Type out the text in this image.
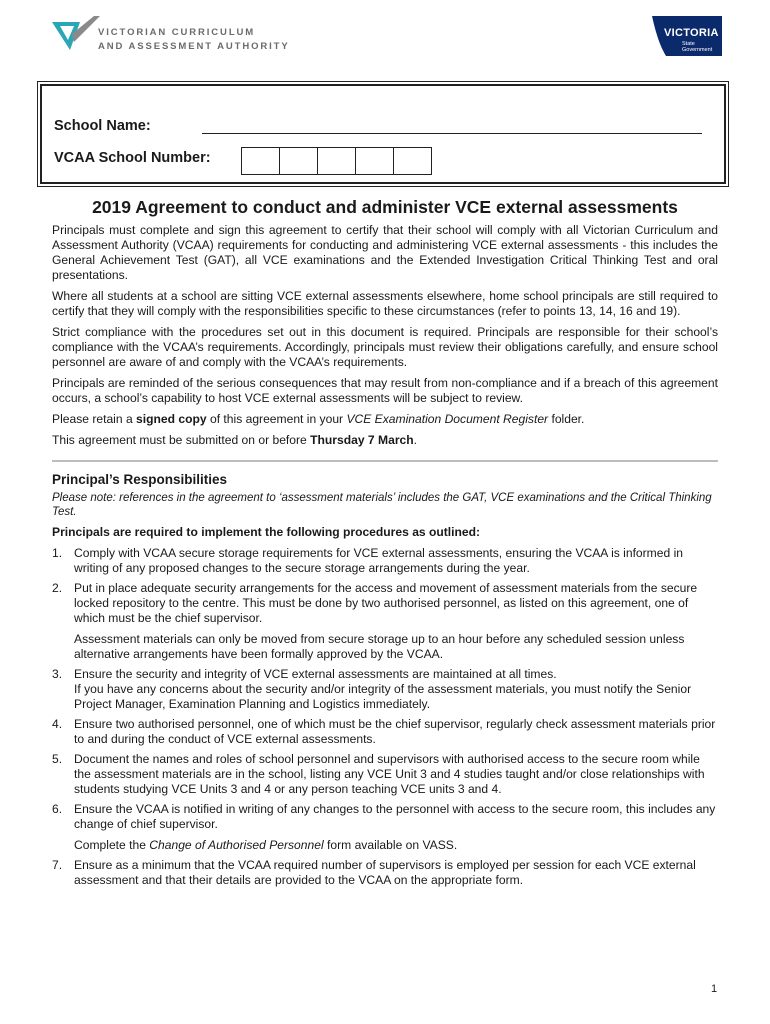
VICTORIAN CURRICULUM
AND ASSESSMENT AUTHORITY
VICTORIA
State
Government
School Name:
VCAA School Number:
2019 Agreement to conduct and administer VCE external assessments

Principals must complete and sign this agreement to certify that their school will comply with all Victorian Curriculum and Assessment Authority (VCAA) requirements for conducting and administering VCE external assessments - this includes the General Achievement Test (GAT), all VCE examinations and the Extended Investigation Critical Thinking Test and oral presentations.

Where all students at a school are sitting VCE external assessments elsewhere, home school principals are still required to certify that they will comply with the responsibilities specific to these circumstances (refer to points 13, 14, 16 and 19).

Strict compliance with the procedures set out in this document is required. Principals are responsible for their school’s compliance with the VCAA’s requirements. Accordingly, principals must review their obligations carefully, and ensure school personnel are aware of and comply with the VCAA’s requirements.

Principals are reminded of the serious consequences that may result from non-compliance and if a breach of this agreement occurs, a school’s capability to host VCE external assessments will be subject to review.

Please retain a signed copy of this agreement in your VCE Examination Document Register folder.

This agreement must be submitted on or before Thursday 7 March.

Principal’s Responsibilities
Please note: references in the agreement to ‘assessment materials’ includes the GAT, VCE examinations and the Critical Thinking Test.

Principals are required to implement the following procedures as outlined:

1. Comply with VCAA secure storage requirements for VCE external assessments, ensuring the VCAA is informed in writing of any proposed changes to the secure storage arrangements during the year.
2. Put in place adequate security arrangements for the access and movement of assessment materials from the secure locked repository to the centre. This must be done by two authorised personnel, as listed on this agreement, one of which must be the chief supervisor.
Assessment materials can only be moved from secure storage up to an hour before any scheduled session unless alternative arrangements have been formally approved by the VCAA.
3. Ensure the security and integrity of VCE external assessments are maintained at all times.
If you have any concerns about the security and/or integrity of the assessment materials, you must notify the Senior Project Manager, Examination Planning and Logistics immediately.
4. Ensure two authorised personnel, one of which must be the chief supervisor, regularly check assessment materials prior to and during the conduct of VCE external assessments.
5. Document the names and roles of school personnel and supervisors with authorised access to the secure room while the assessment materials are in the school, listing any VCE Unit 3 and 4 studies taught and/or close relationships with students studying VCE Units 3 and 4 or any person teaching VCE units 3 and 4.
6. Ensure the VCAA is notified in writing of any changes to the personnel with access to the secure room, this includes any change of chief supervisor.
Complete the Change of Authorised Personnel form available on VASS.
7. Ensure as a minimum that the VCAA required number of supervisors is employed per session for each VCE external assessment and that their details are provided to the VCAA on the appropriate form.
1
